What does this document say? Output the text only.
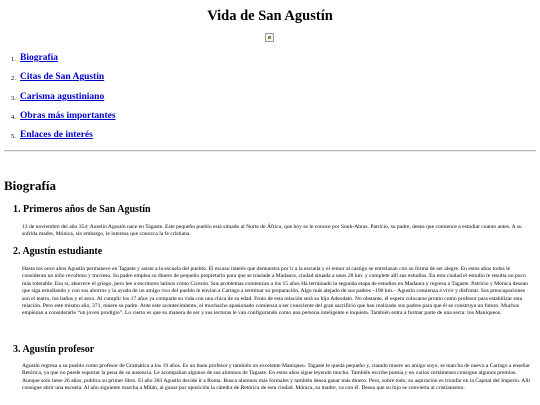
Vida de San Agustín
1. Biografía
2. Citas de San Agustín
3. Carisma agustiniano
4. Obras más importantes
5. Enlaces de interés
Biografía
1. Primeros años de San Agustín

13 de noviembre del año 354: Aurelio Agustín nace en Tagaste. Este pequeño pueblo está situado al Norte de África, que hoy se le conoce por Souk-Ahras. Patricio, su padre, desea que comience a estudiar cuanto antes. A su sufrida madre, Mónica, sin embargo, le interesa que conozca la fe cristiana.

2. Agustín estudiante

Hasta los once años Agustín permanece en Tagaste y asiste a la escuela del pueblo. El escaso interés que demuestra por ir a la escuela y el temor al castigo se entrelazan con su forma de ser alegre. En estos años todos le consideran un niño revoltoso y travieso. Su padre emplea su dinero de pequeño propietario para que se traslade a Madaura, ciudad situada a unos 28 km. y complete allí sus estudios. En esta ciudad el estudio le resulta un poco más tolerable. Eso sí, aborrece el griego, pero lee a escritores latinos como Cicerón. Sus problemas comienzan a los 15 años Ha terminado la segunda etapa de estudios en Madaura y regresa a Tagaste. Patricio y Mónica desean que siga estudiando y con sus ahorros y la ayuda de un amigo rico del pueblo le envían a Cartago a terminar su preparación. Algo más alejado de sus padres –190 km.– Agustín comienza a vivir y disfrutar. Sus preocupaciones son el teatro, los baños y el sexo. Al cumplir los 17 años ya comparte su vida con una chica de su edad. Fruto de esta relación será su hijo Adeodato. No obstante, él espera colocarse pronto como profesor para estabilizar esta relación. Pero este mismo año, 371, muere su padre. Ante este acontecimiento, el muchacho apasionado comienza a ser consciente del gran sacrificio que han realizado sus padres para que él se construya un futuro. Muchos empiezan a considerarle “un joven prodigio”. Lo cierto es que su manera de ser y sus lecturas le van configurando como una persona inteligente e inquieta. También entra a formar parte de una secta: los Maniqueos.

3. Agustín profesor

Agustín regresa a su pueblo como profesor de Gramática a los 19 años. Es un buen profesor y también un excelente Maniqueo. Tagaste le queda pequeño y, cuando muere un amigo suyo, se marcha de nuevo a Cartago a enseñar Retórica, ya que no puede soportar la pena de su ausencia. Le acompañan algunos de sus alumnos de Tagaste. En estos años sigue leyendo mucho. También escribe poesía y en varios certámenes consigue algunos premios. Aunque solo tiene 26 años, publica su primer libro. El año 383 Agustín decide ir a Roma. Busca alumnos más formales y también desea ganar más dinero. Pero, sobre todo, su aspiración es triunfar en la Capital del Imperio. Allí consigue abrir una escuela. Al año siguiente marcha a Milán, al ganar por oposición la cátedra de Retórica de esta ciudad. Mónica, su madre, va con él. Desea que su hijo se convierta al cristianismo.
